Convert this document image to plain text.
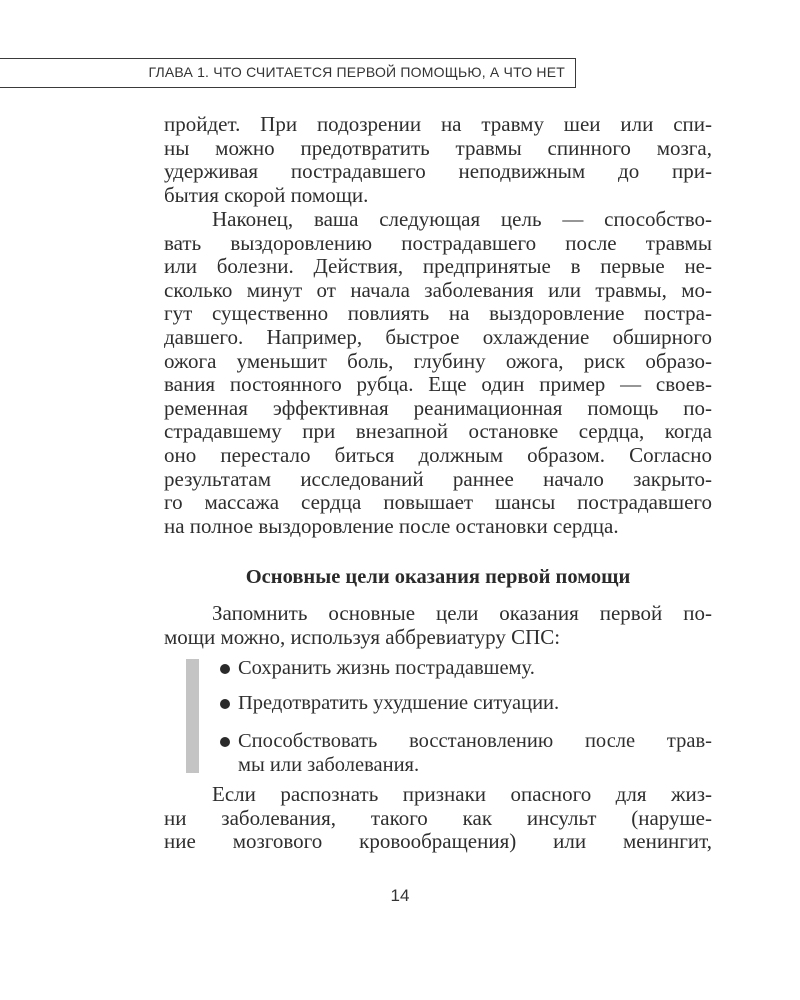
ГЛАВА 1. ЧТО СЧИТАЕТСЯ ПЕРВОЙ ПОМОЩЬЮ, А ЧТО НЕТ
пройдет. При подозрении на травму шеи или спи-
ны можно предотвратить травмы спинного мозга,
удерживая пострадавшего неподвижным до при-
бытия скорой помощи.
Наконец, ваша следующая цель — способство-
вать выздоровлению пострадавшего после травмы
или болезни. Действия, предпринятые в первые не-
сколько минут от начала заболевания или травмы, мо-
гут существенно повлиять на выздоровление постра-
давшего. Например, быстрое охлаждение обширного
ожога уменьшит боль, глубину ожога, риск образо-
вания постоянного рубца. Еще один пример — своев-
ременная эффективная реанимационная помощь по-
страдавшему при внезапной остановке сердца, когда
оно перестало биться должным образом. Согласно
результатам исследований раннее начало закрыто-
го массажа сердца повышает шансы пострадавшего
на полное выздоровление после остановки сердца.
Основные цели оказания первой помощи
Запомнить основные цели оказания первой по-
мощи можно, используя аббревиатуру СПС:
Сохранить жизнь пострадавшему.
Предотвратить ухудшение ситуации.
Способствовать восстановлению после трав-
мы или заболевания.
Если распознать признаки опасного для жиз-
ни заболевания, такого как инсульт (наруше-
ние мозгового кровообращения) или менингит,
14
